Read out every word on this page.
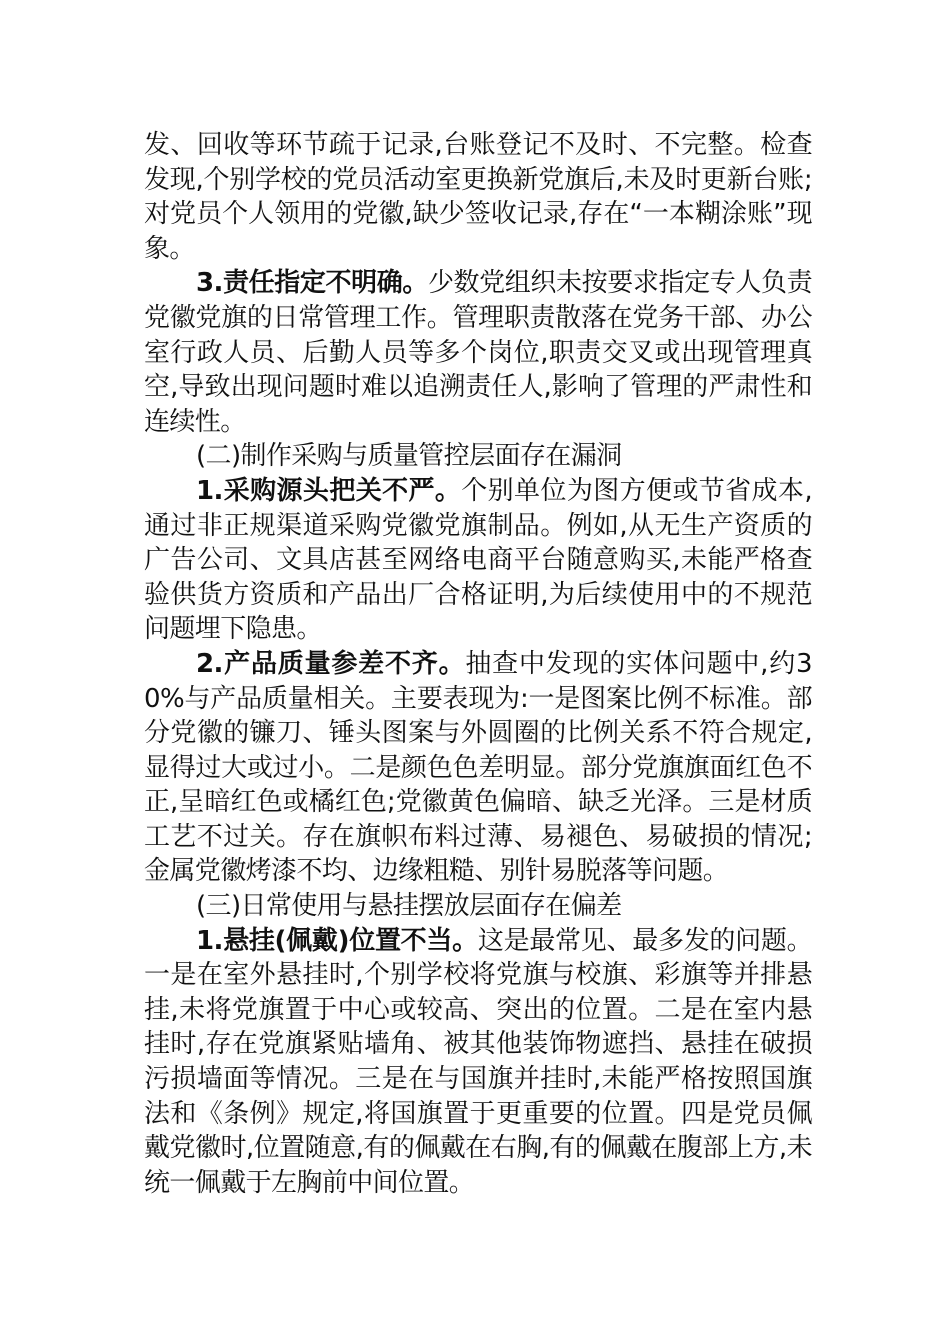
发、回收等环节疏于记录,台账登记不及时、不完整。检查发现,个别学校的党员活动室更换新党旗后,未及时更新台账;对党员个人领用的党徽,缺少签收记录,存在“一本糊涂账”现象。

3.责任指定不明确。少数党组织未按要求指定专人负责党徽党旗的日常管理工作。管理职责散落在党务干部、办公室行政人员、后勤人员等多个岗位,职责交叉或出现管理真空,导致出现问题时难以追溯责任人,影响了管理的严肃性和连续性。

(二)制作采购与质量管控层面存在漏洞

1.采购源头把关不严。个别单位为图方便或节省成本,通过非正规渠道采购党徽党旗制品。例如,从无生产资质的广告公司、文具店甚至网络电商平台随意购买,未能严格查验供货方资质和产品出厂合格证明,为后续使用中的不规范问题埋下隐患。

2.产品质量参差不齐。抽查中发现的实体问题中,约30%与产品质量相关。主要表现为:一是图案比例不标准。部分党徽的镰刀、锤头图案与外圆圈的比例关系不符合规定,显得过大或过小。二是颜色色差明显。部分党旗旗面红色不正,呈暗红色或橘红色;党徽黄色偏暗、缺乏光泽。三是材质工艺不过关。存在旗帜布料过薄、易褪色、易破损的情况;金属党徽烤漆不均、边缘粗糙、别针易脱落等问题。

(三)日常使用与悬挂摆放层面存在偏差

1.悬挂(佩戴)位置不当。这是最常见、最多发的问题。一是在室外悬挂时,个别学校将党旗与校旗、彩旗等并排悬挂,未将党旗置于中心或较高、突出的位置。二是在室内悬挂时,存在党旗紧贴墙角、被其他装饰物遮挡、悬挂在破损污损墙面等情况。三是在与国旗并挂时,未能严格按照国旗法和《条例》规定,将国旗置于更重要的位置。四是党员佩戴党徽时,位置随意,有的佩戴在右胸,有的佩戴在腹部上方,未统一佩戴于左胸前中间位置。
